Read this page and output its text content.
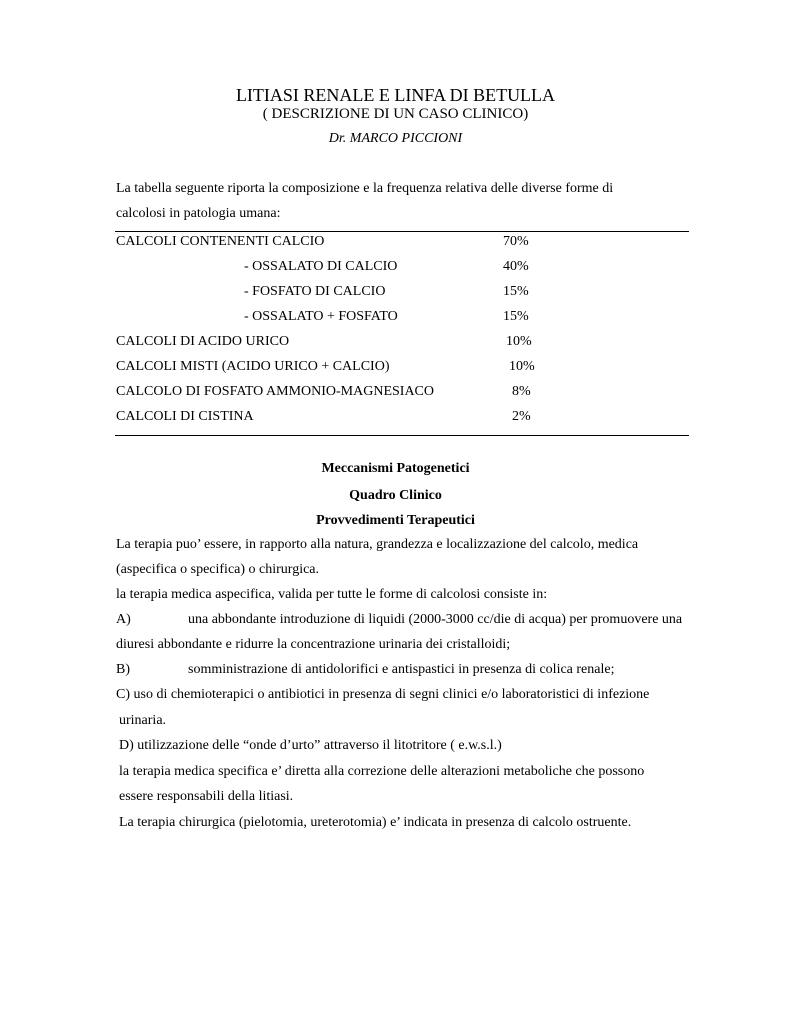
LITIASI RENALE E LINFA DI BETULLA
( DESCRIZIONE DI UN CASO CLINICO)
Dr. MARCO PICCIONI
La tabella seguente riporta la composizione e la frequenza relativa delle diverse forme di
calcolosi in patologia umana:
CALCOLI CONTENENTI CALCIO	70%
- OSSALATO DI CALCIO	40%
- FOSFATO DI CALCIO	15%
- OSSALATO + FOSFATO	15%
CALCOLI DI ACIDO URICO	10%
CALCOLI MISTI (ACIDO URICO + CALCIO)	10%
CALCOLO DI FOSFATO AMMONIO-MAGNESIACO	8%
CALCOLI DI CISTINA	2%
Meccanismi Patogenetici
Quadro Clinico
Provvedimenti Terapeutici
La terapia puo’ essere, in rapporto alla natura, grandezza e localizzazione del calcolo, medica
(aspecifica o specifica) o chirurgica.
la terapia medica aspecifica, valida per tutte le forme di calcolosi consiste in:
A)	una abbondante introduzione di liquidi (2000-3000 cc/die di acqua) per promuovere una
diuresi abbondante e ridurre la concentrazione urinaria dei cristalloidi;
B)	somministrazione di antidolorifici e antispastici in presenza di colica renale;
C) uso di chemioterapici o antibiotici in presenza di segni clinici e/o laboratoristici di infezione
urinaria.
D) utilizzazione delle “onde d’urto” attraverso il litotritore ( e.w.s.l.)
la terapia medica specifica e’ diretta alla correzione delle alterazioni metaboliche che possono
essere responsabili della litiasi.
La terapia chirurgica (pielotomia, ureterotomia) e’ indicata in presenza di calcolo ostruente.
